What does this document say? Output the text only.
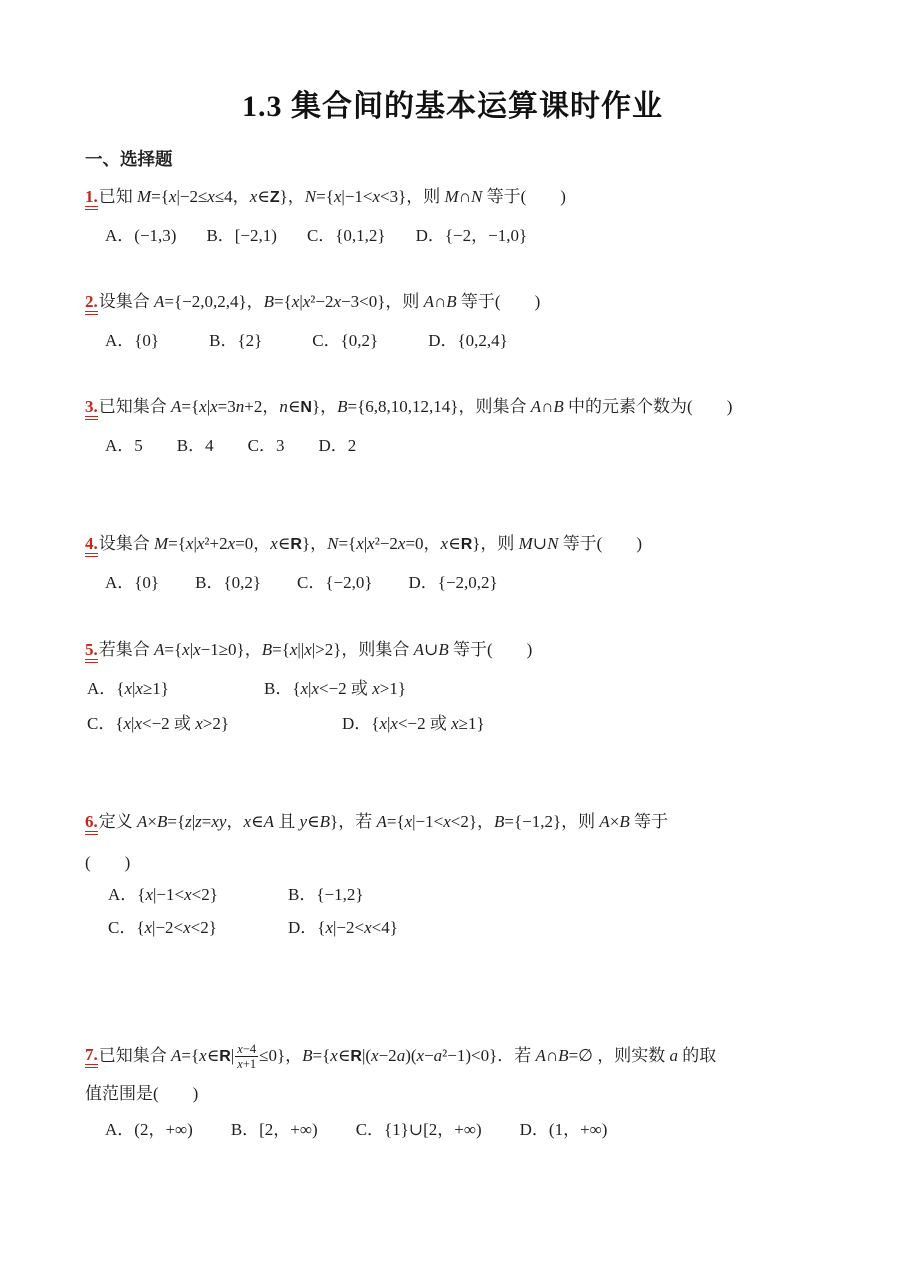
1.3 集合间的基本运算课时作业
一、选择题
1.已知 M={x|−2≤x≤4，x∈Z}，N={x|−1<x<3}，则 M∩N 等于(　　)
A．(−1,3) B．[−2,1) C．{0,1,2} D．{−2，−1,0}
2.设集合 A={−2,0,2,4}，B={x|x²−2x−3<0}，则 A∩B 等于(　　)
A．{0}	B．{2}	C．{0,2}	D．{0,2,4}
3.已知集合 A={x|x=3n+2，n∈N}，B={6,8,10,12,14}，则集合 A∩B 中的元素个数为(　　)
A．5 B．4 C．3 D．2
4.设集合 M={x|x²+2x=0，x∈R}，N={x|x²−2x=0，x∈R}，则 M∪N 等于(　　)
A．{0} B．{0,2} C．{−2,0} D．{−2,0,2}
5.若集合 A={x|x−1≥0}，B={x||x|>2}，则集合 A∪B 等于(　　)
A．{x|x≥1}	B．{x|x<−2 或 x>1}
C．{x|x<−2 或 x>2}	D．{x|x<−2 或 x≥1}
6.定义 A×B={z|z=xy，x∈A 且 y∈B}，若 A={x|−1<x<2}，B={−1,2}，则 A×B 等于
(　　)
A．{x|−1<x<2}	B．{−1,2}
C．{x|−2<x<2}	D．{x|−2<x<4}
7. 已知集合 A={x∈R| $\frac{x-4}{x+1} \le 0$}，B={x∈R|(x−2a)(x−a²−1)<0}．若 A∩B=∅ ，则实数 a 的取
值范围是(　　)
A．(2，+∞) B．[2，+∞) C．{1}∪[2，+∞) D．(1，+∞)
